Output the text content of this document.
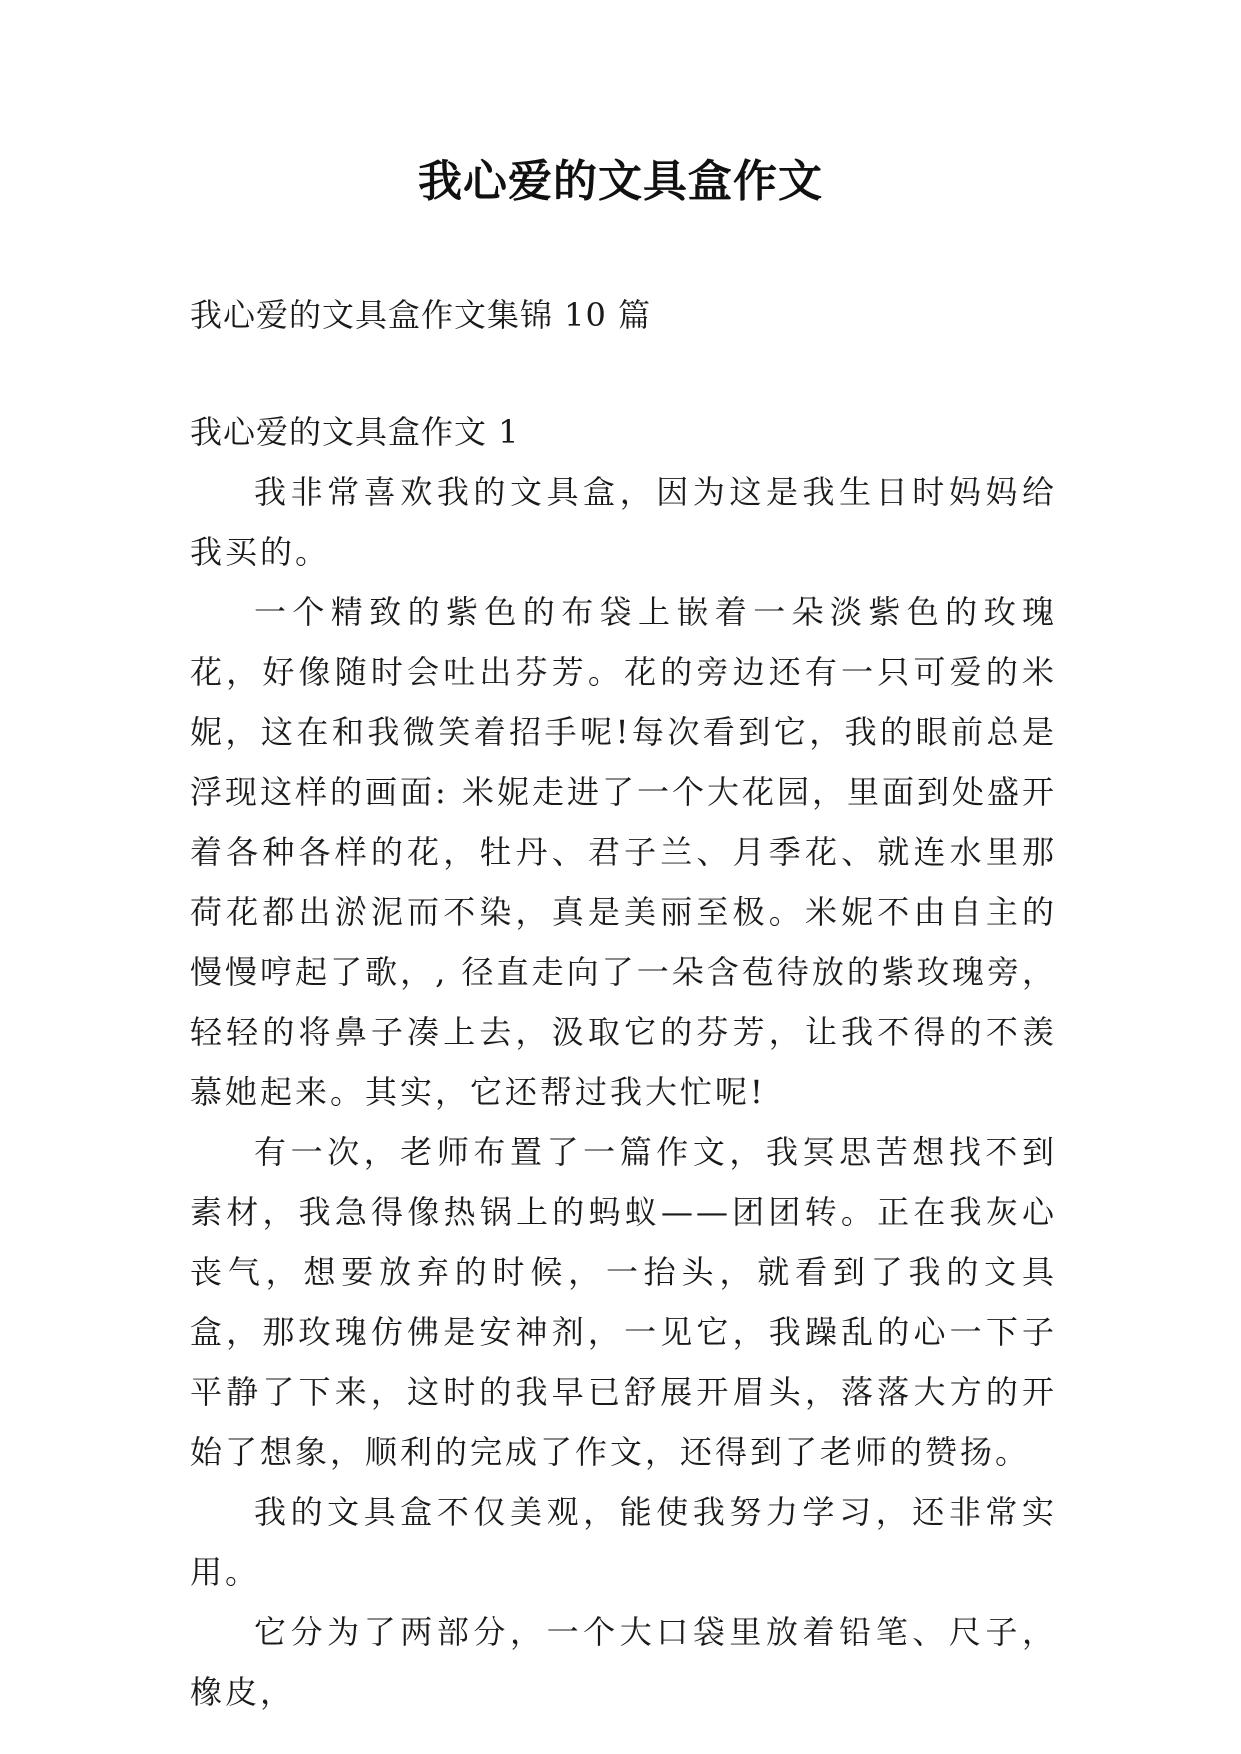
我心爱的文具盒作文

我心爱的文具盒作文集锦 10 篇

我心爱的文具盒作文 1

我非常喜欢我的文具盒，因为这是我生日时妈妈给我买的。

一个精致的紫色的布袋上嵌着一朵淡紫色的玫瑰花，好像随时会吐出芬芳。花的旁边还有一只可爱的米妮，这在和我微笑着招手呢!每次看到它，我的眼前总是浮现这样的画面: 米妮走进了一个大花园，里面到处盛开着各种各样的花，牡丹、君子兰、月季花、就连水里那荷花都出淤泥而不染，真是美丽至极。米妮不由自主的慢慢哼起了歌，, 径直走向了一朵含苞待放的紫玫瑰旁，轻轻的将鼻子凑上去，汲取它的芬芳，让我不得的不羡慕她起来。其实，它还帮过我大忙呢!

有一次，老师布置了一篇作文，我冥思苦想找不到素材，我急得像热锅上的蚂蚁——团团转。正在我灰心丧气，想要放弃的时候，一抬头，就看到了我的文具盒，那玫瑰仿佛是安神剂，一见它，我躁乱的心一下子平静了下来，这时的我早已舒展开眉头，落落大方的开始了想象，顺利的完成了作文，还得到了老师的赞扬。

我的文具盒不仅美观，能使我努力学习，还非常实用。

它分为了两部分，一个大口袋里放着铅笔、尺子，橡皮，
